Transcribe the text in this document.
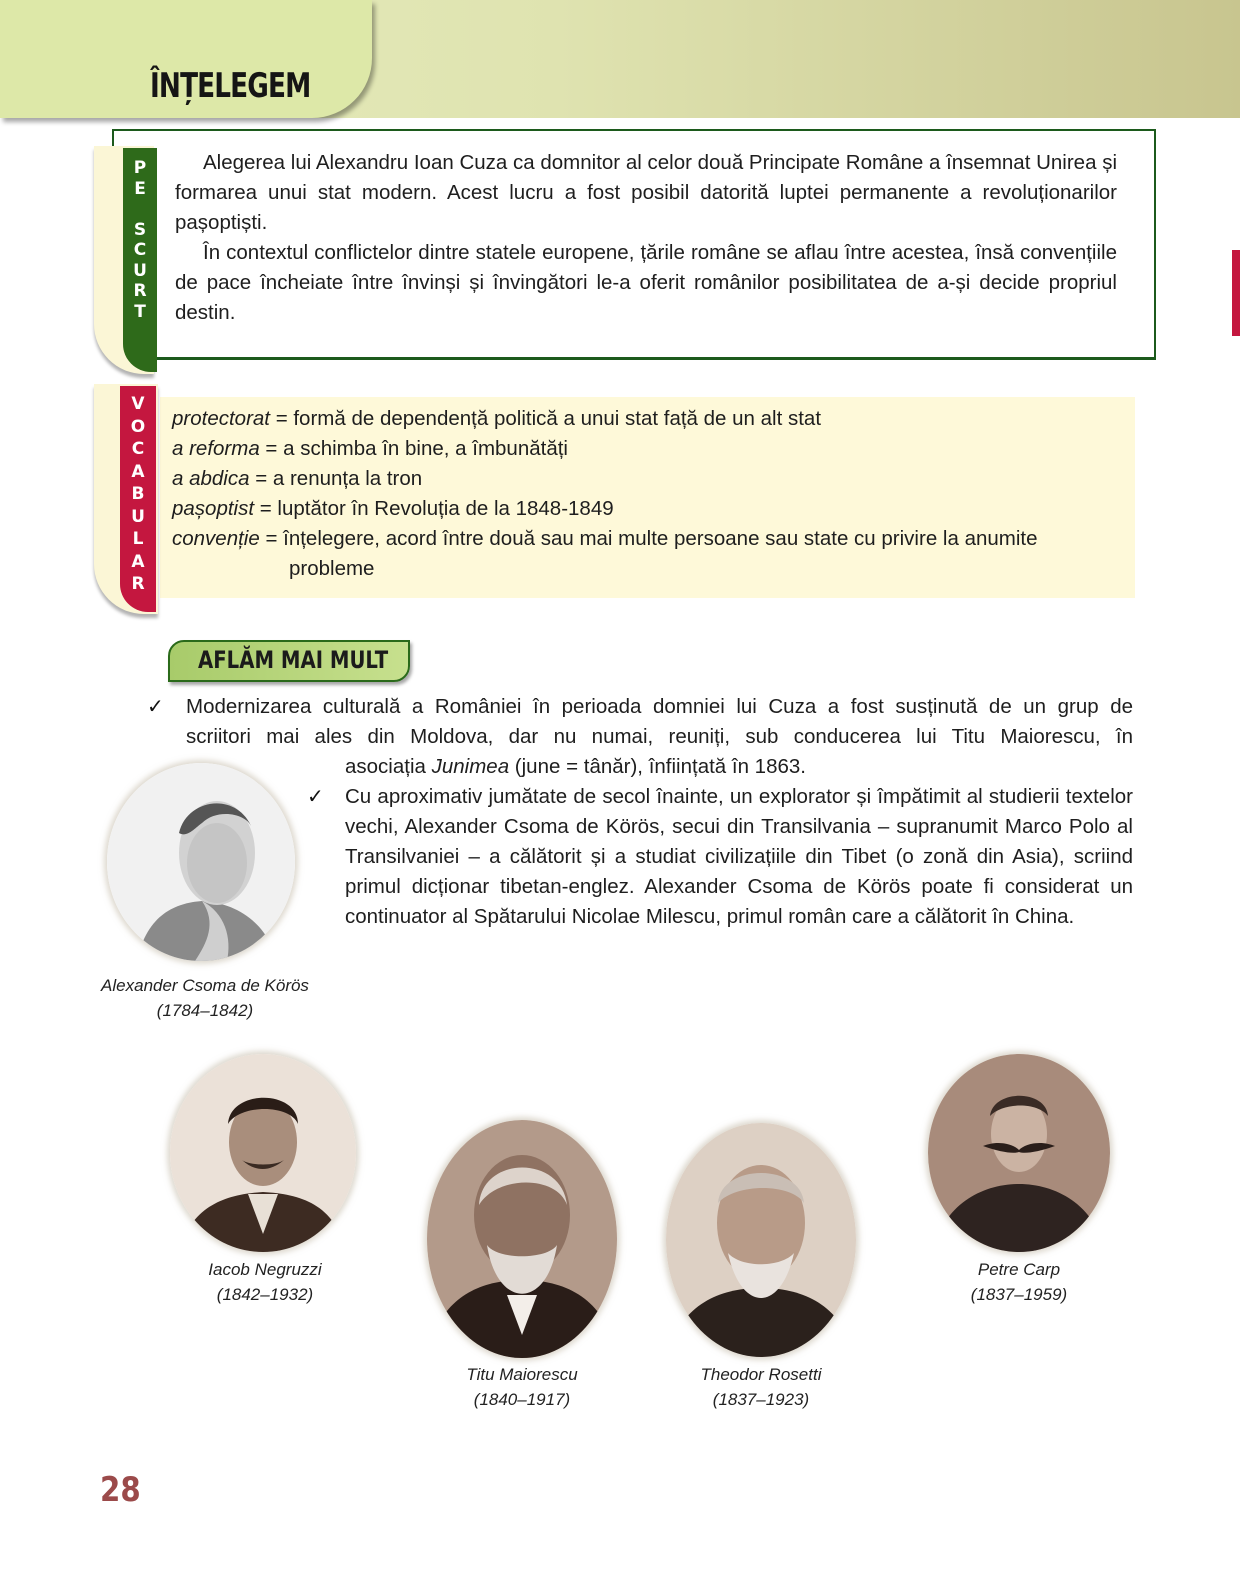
ÎNȚELEGEM
P
E

S
C
U
R
T

Alegerea lui Alexandru Ioan Cuza ca domnitor al celor două Principate Române a însemnat Unirea și formarea unui stat modern. Acest lucru a fost posibil datorită luptei permanente a revoluționarilor pașoptiști.

În contextul conflictelor dintre statele europene, țările române se aflau între acestea, însă convențiile de pace încheiate între învinși și învingători le-a oferit românilor posibilitatea de a-și decide propriul destin.

V
O
C
A
B
U
L
A
R
protectorat = formă de dependență politică a unui stat față de un alt stat
a reforma = a schimba în bine, a îmbunătăți
a abdica = a renunța la tron
pașoptist = luptător în Revoluția de la 1848-1849
convenție = înțelegere, acord între două sau mai multe persoane sau state cu privire la anumite
probleme
AFLĂM MAI MULT
✓ Modernizarea culturală a României în perioada domniei lui Cuza a fost susținută de un grup de
scriitori mai ales din Moldova, dar nu numai, reuniți, sub conducerea lui Titu Maiorescu, în
asociația Junimea (june = tânăr), înființată în 1863.
✓ Cu aproximativ jumătate de secol înainte, un explorator și împătimit al studierii textelor vechi, Alexander Csoma de Körös, secui din Transilvania – supranumit Marco Polo al Transilvaniei – a călătorit și a studiat civilizațiile din Tibet (o zonă din Asia), scriind primul dicționar tibetan-englez. Alexander Csoma de Körös poate fi considerat un continuator al Spătarului Nicolae Milescu, primul român care a călătorit în China.
Alexander Csoma de Körös
(1784–1842)
Iacob Negruzzi
(1842–1932)
Titu Maiorescu
(1840–1917)
Theodor Rosetti
(1837–1923)
Petre Carp
(1837–1959)
28
